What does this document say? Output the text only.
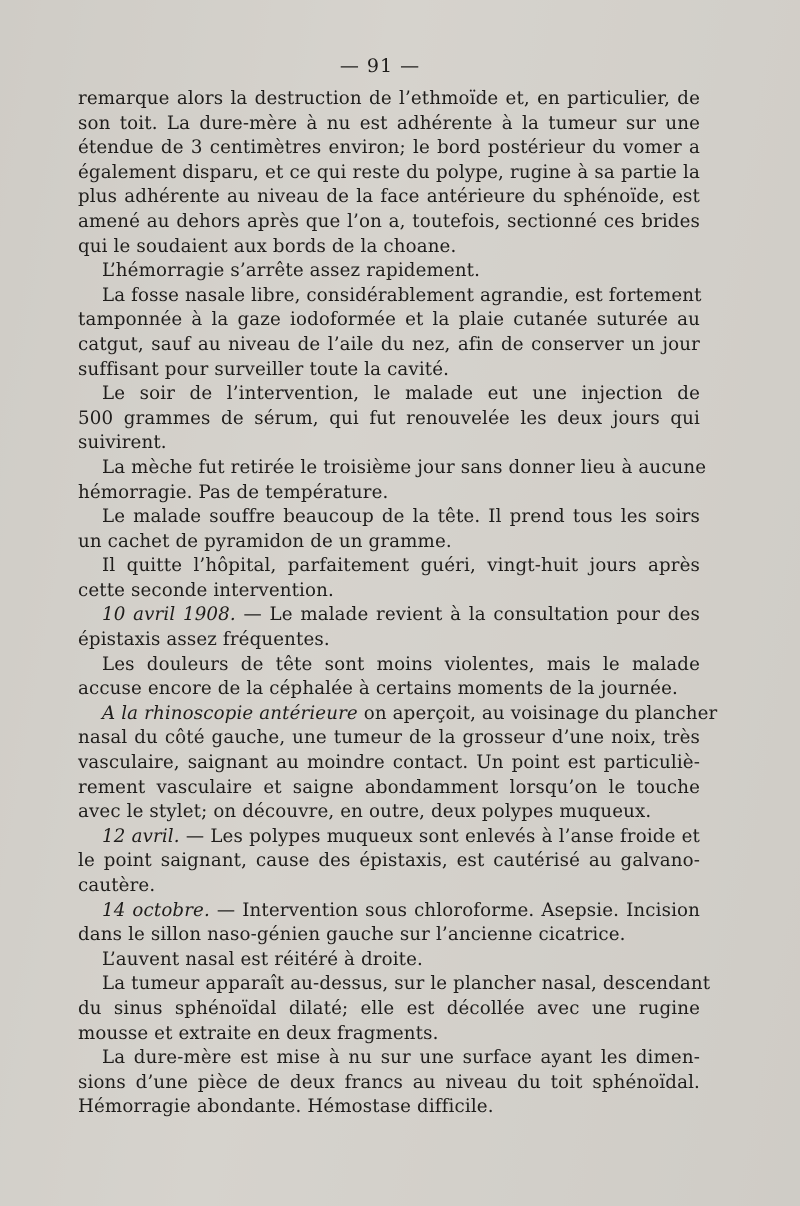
— 91 —
remarque alors la destruction de l’ethmoïde et, en particulier, de
son toit. La dure-mère à nu est adhérente à la tumeur sur une
étendue de 3 centimètres environ; le bord postérieur du vomer a
également disparu, et ce qui reste du polype, rugine à sa partie la
plus adhérente au niveau de la face antérieure du sphénoïde, est
amené au dehors après que l’on a, toutefois, sectionné ces brides
qui le soudaient aux bords de la choane.
L’hémorragie s’arrête assez rapidement.
La fosse nasale libre, considérablement agrandie, est fortement
tamponnée à la gaze iodoformée et la plaie cutanée suturée au
catgut, sauf au niveau de l’aile du nez, afin de conserver un jour
suffisant pour surveiller toute la cavité.
Le soir de l’intervention, le malade eut une injection de
500 grammes de sérum, qui fut renouvelée les deux jours qui
suivirent.
La mèche fut retirée le troisième jour sans donner lieu à aucune
hémorragie. Pas de température.
Le malade souffre beaucoup de la tête. Il prend tous les soirs
un cachet de pyramidon de un gramme.
Il quitte l’hôpital, parfaitement guéri, vingt-huit jours après
cette seconde intervention.
10 avril 1908. — Le malade revient à la consultation pour des
épistaxis assez fréquentes.
Les douleurs de tête sont moins violentes, mais le malade
accuse encore de la céphalée à certains moments de la journée.
A la rhinoscopie antérieure on aperçoit, au voisinage du plancher
nasal du côté gauche, une tumeur de la grosseur d’une noix, très
vasculaire, saignant au moindre contact. Un point est particuliè-
rement vasculaire et saigne abondamment lorsqu’on le touche
avec le stylet; on découvre, en outre, deux polypes muqueux.
12 avril. — Les polypes muqueux sont enlevés à l’anse froide et
le point saignant, cause des épistaxis, est cautérisé au galvano-
cautère.
14 octobre. — Intervention sous chloroforme. Asepsie. Incision
dans le sillon naso-génien gauche sur l’ancienne cicatrice.
L’auvent nasal est réitéré à droite.
La tumeur apparaît au-dessus, sur le plancher nasal, descendant
du sinus sphénoïdal dilaté; elle est décollée avec une rugine
mousse et extraite en deux fragments.
La dure-mère est mise à nu sur une surface ayant les dimen-
sions d’une pièce de deux francs au niveau du toit sphénoïdal.
Hémorragie abondante. Hémostase difficile.
